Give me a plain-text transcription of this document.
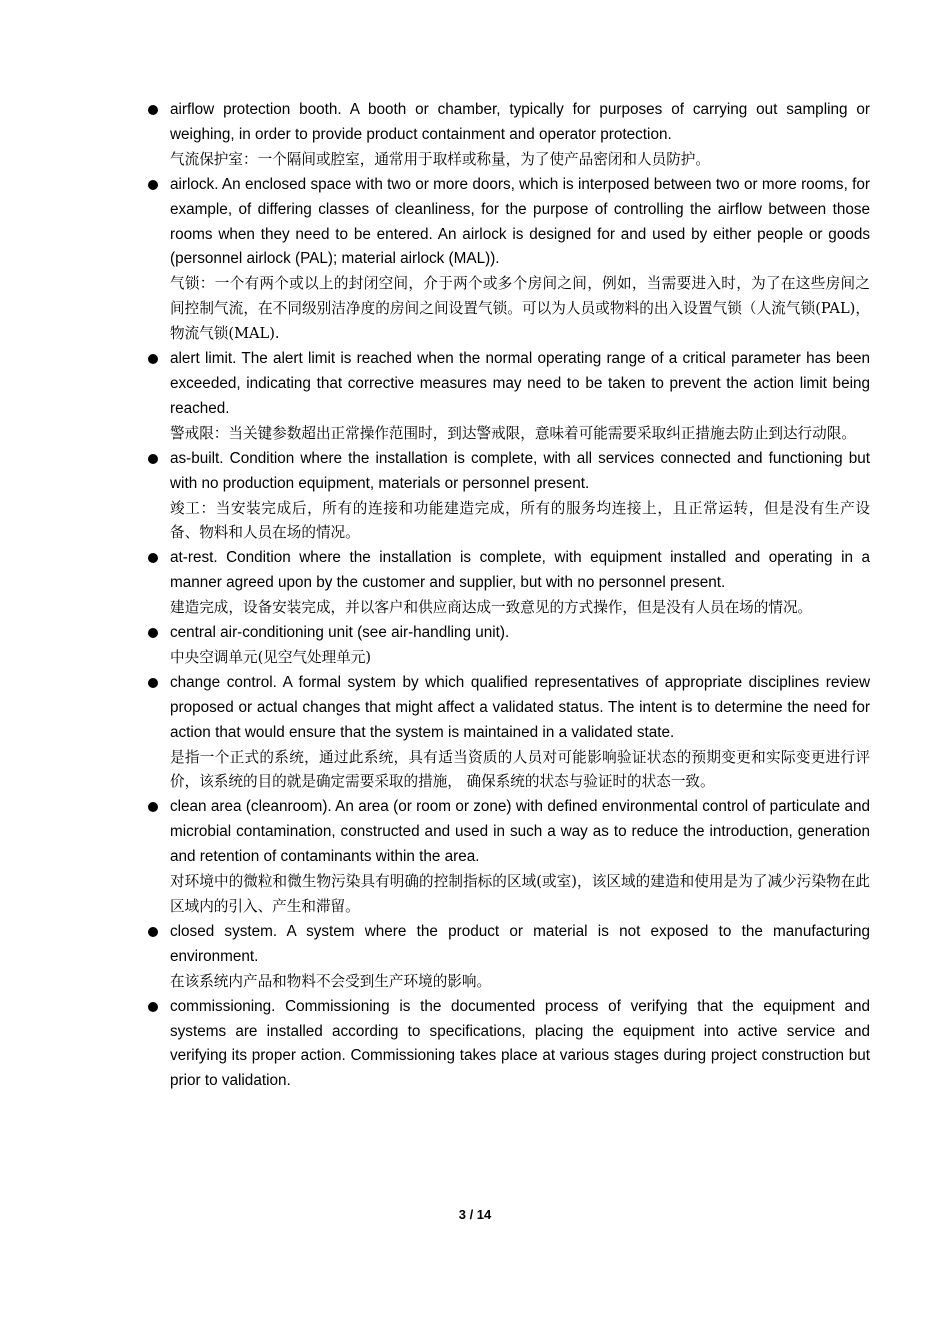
airflow protection booth. A booth or chamber, typically for purposes of carrying out sampling or weighing, in order to provide product containment and operator protection.

气流保护室：一个隔间或腔室，通常用于取样或称量，为了使产品密闭和人员防护。

airlock. An enclosed space with two or more doors, which is interposed between two or more rooms, for example, of differing classes of cleanliness, for the purpose of controlling the airflow between those rooms when they need to be entered. An airlock is designed for and used by either people or goods (personnel airlock (PAL); material airlock (MAL)).

气锁：一个有两个或以上的封闭空间，介于两个或多个房间之间，例如，当需要进入时，为了在这些房间之间控制气流，在不同级别洁净度的房间之间设置气锁。可以为人员或物料的出入设置气锁（人流气锁(PAL)，物流气锁(MAL).

alert limit. The alert limit is reached when the normal operating range of a critical parameter has been exceeded, indicating that corrective measures may need to be taken to prevent the action limit being reached.

警戒限：当关键参数超出正常操作范围时，到达警戒限，意味着可能需要采取纠正措施去防止到达行动限。

as-built. Condition where the installation is complete, with all services connected and functioning but with no production equipment, materials or personnel present.

竣工：当安装完成后，所有的连接和功能建造完成，所有的服务均连接上，且正常运转，但是没有生产设备、物料和人员在场的情况。

at-rest. Condition where the installation is complete, with equipment installed and operating in a manner agreed upon by the customer and supplier, but with no personnel present.

建造完成，设备安装完成，并以客户和供应商达成一致意见的方式操作，但是没有人员在场的情况。

central air-conditioning unit (see air-handling unit).

中央空调单元(见空气处理单元)

change control. A formal system by which qualified representatives of appropriate disciplines review proposed or actual changes that might affect a validated status. The intent is to determine the need for action that would ensure that the system is maintained in a validated state.

是指一个正式的系统，通过此系统，具有适当资质的人员对可能影响验证状态的预期变更和实际变更进行评价，该系统的目的就是确定需要采取的措施， 确保系统的状态与验证时的状态一致。

clean area (cleanroom). An area (or room or zone) with defined environmental control of particulate and microbial contamination, constructed and used in such a way as to reduce the introduction, generation and retention of contaminants within the area.

对环境中的微粒和微生物污染具有明确的控制指标的区域(或室)，该区域的建造和使用是为了减少污染物在此区域内的引入、产生和滞留。

closed system. A system where the product or material is not exposed to the manufacturing environment.

在该系统内产品和物料不会受到生产环境的影响。

commissioning. Commissioning is the documented process of verifying that the equipment and systems are installed according to specifications, placing the equipment into active service and verifying its proper action. Commissioning takes place at various stages during project construction but prior to validation.

3 / 14
